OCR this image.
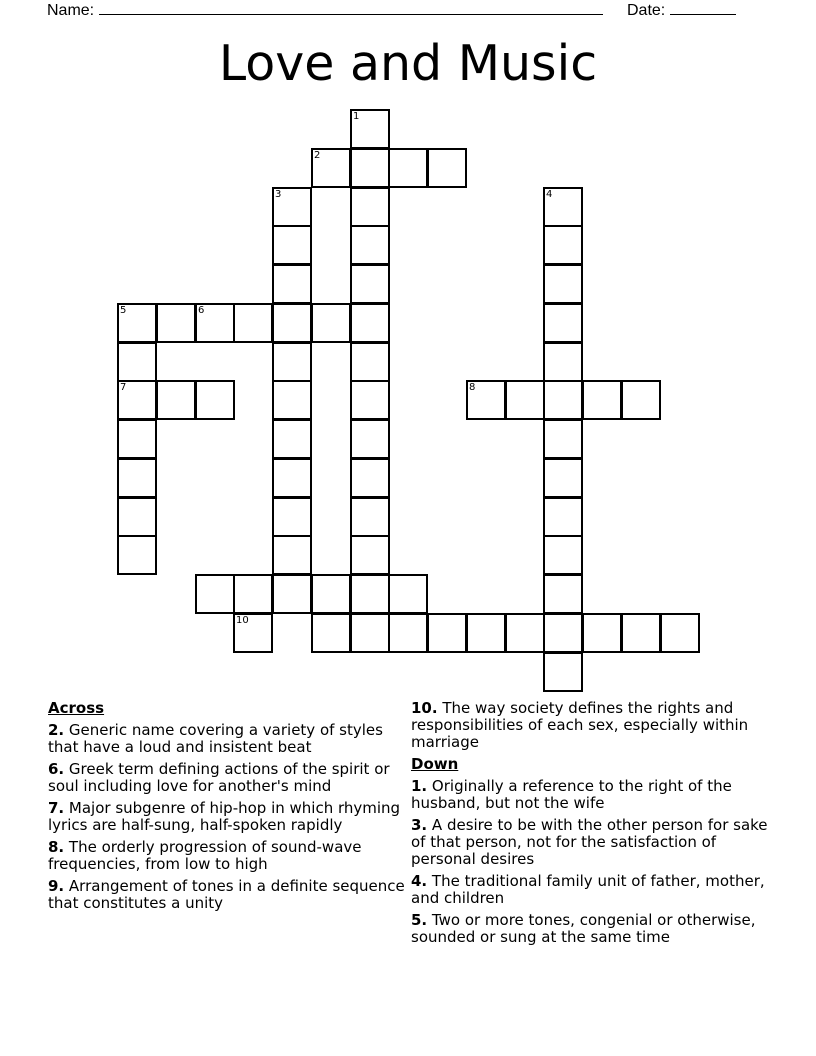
Name:	Date:
Love and Music
1
2
3	4
5
7
6
8
10
Across
2. Generic name covering a variety of styles that have a loud and insistent beat
6. Greek term defining actions of the spirit or soul including love for another's mind
7. Major subgenre of hip-hop in which rhyming lyrics are half-sung, half-spoken rapidly
8. The orderly progression of sound-wave frequencies, from low to high
9. Arrangement of tones in a definite sequence that constitutes a unity
10. The way society defines the rights and responsibilities of each sex, especially within marriage
Down
1. Originally a reference to the right of the husband, but not the wife
3. A desire to be with the other person for sake of that person, not for the satisfaction of personal desires
4. The traditional family unit of father, mother, and children
5. Two or more tones, congenial or otherwise, sounded or sung at the same time
